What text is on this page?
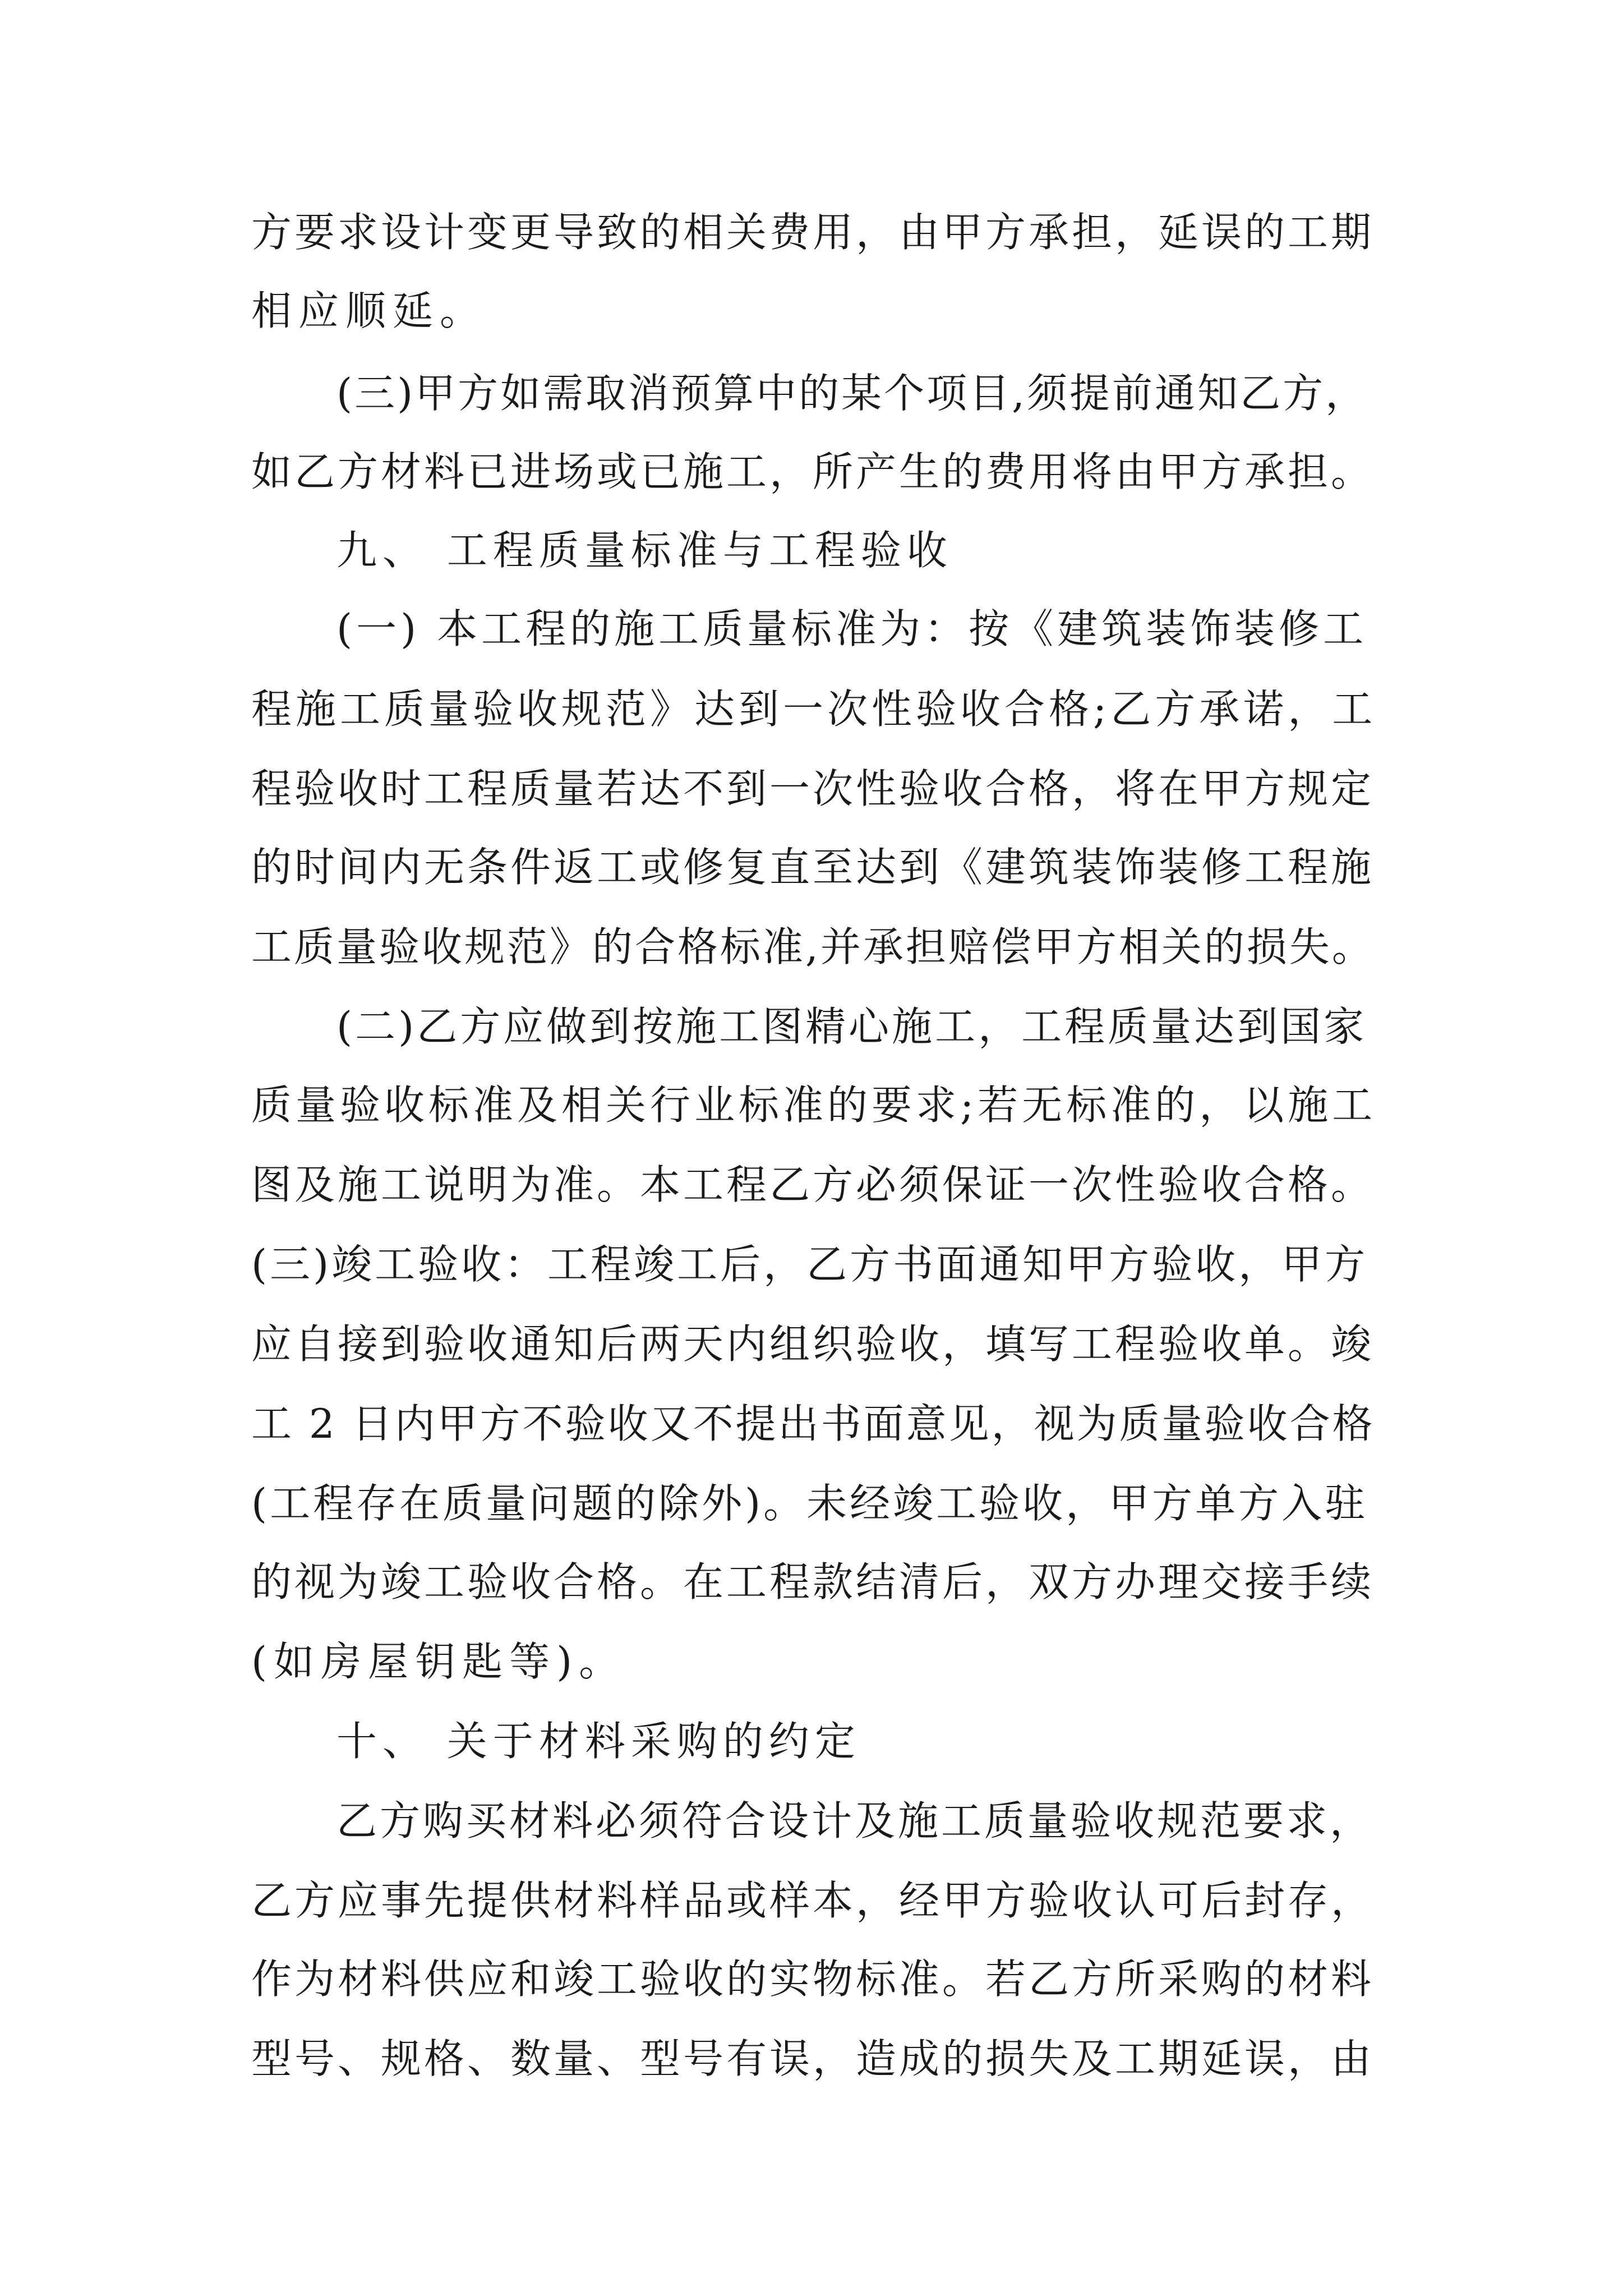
方要求设计变更导致的相关费用，由甲方承担，延误的工期
相应顺延。
(三)甲方如需取消预算中的某个项目,须提前通知乙方，
如乙方材料已进场或已施工，所产生的费用将由甲方承担。
九、 工程质量标准与工程验收
(一) 本工程的施工质量标准为：按《建筑装饰装修工
程施工质量验收规范》达到一次性验收合格;乙方承诺，工
程验收时工程质量若达不到一次性验收合格，将在甲方规定
的时间内无条件返工或修复直至达到《建筑装饰装修工程施
工质量验收规范》的合格标准,并承担赔偿甲方相关的损失。
(二)乙方应做到按施工图精心施工，工程质量达到国家
质量验收标准及相关行业标准的要求;若无标准的，以施工
图及施工说明为准。本工程乙方必须保证一次性验收合格。
(三)竣工验收：工程竣工后，乙方书面通知甲方验收，甲方
应自接到验收通知后两天内组织验收，填写工程验收单。竣
工 2 日内甲方不验收又不提出书面意见，视为质量验收合格
(工程存在质量问题的除外)。未经竣工验收，甲方单方入驻
的视为竣工验收合格。在工程款结清后，双方办理交接手续
(如房屋钥匙等)。
十、 关于材料采购的约定
乙方购买材料必须符合设计及施工质量验收规范要求，
乙方应事先提供材料样品或样本，经甲方验收认可后封存，
作为材料供应和竣工验收的实物标准。若乙方所采购的材料
型号、规格、数量、型号有误，造成的损失及工期延误，由
